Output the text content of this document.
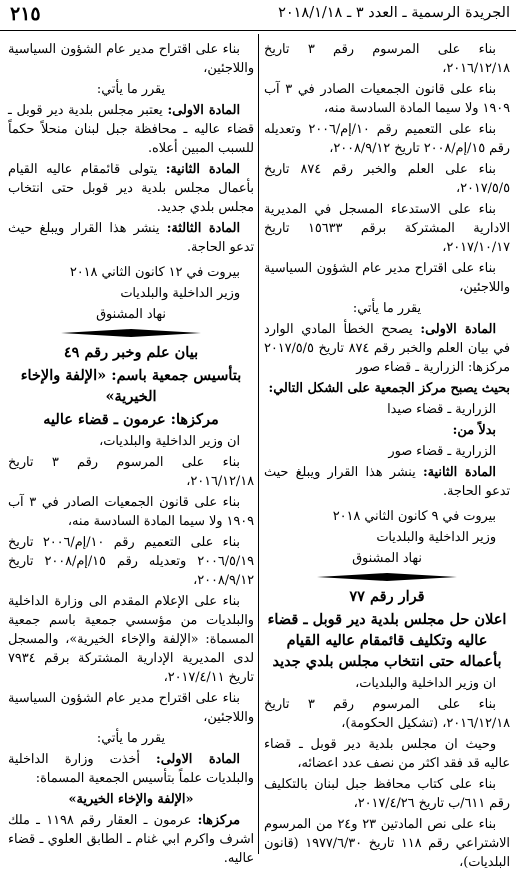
الجريدة الرسمية ـ العدد ٣ ـ ٢٠١٨/١/١٨
٢١٥

بناء على المرسوم رقم ٣ تاريخ ٢٠١٦/١٢/١٨،

بناء على قانون الجمعيات الصادر في ٣ آب ١٩٠٩ ولا سيما المادة السادسة منه،

بناء على التعميم رقم ١٠/إم/٢٠٠٦ وتعديله رقم ١٥/إم/٢٠٠٨ تاريخ ٢٠٠٨/٩/١٢،

بناء على العلم والخبر رقم ٨٧٤ تاريخ ٢٠١٧/٥/٥،

بناء على الاستدعاء المسجل في المديرية الادارية المشتركة برقم ١٥٦٣٣ تاريخ ٢٠١٧/١٠/١٧،

بناء على اقتراح مدير عام الشؤون السياسية واللاجئين،

يقرر ما يأتي:

المادة الاولى: يصحح الخطأ المادي الوارد في بيان العلم والخبر رقم ٨٧٤ تاريخ ٢٠١٧/٥/٥ مركزها: الزرارية ـ قضاء صور

بحيث يصبح مركز الجمعية على الشكل التالي:

الزرارية ـ قضاء صيدا

بدلاً من:

الزرارية ـ قضاء صور

المادة الثانية: ينشر هذا القرار ويبلغ حيث تدعو الحاجة.

بيروت في ٩ كانون الثاني ٢٠١٨

وزير الداخلية والبلديات

نهاد المشنوق

قرار رقم ٧٧
اعلان حل مجلس بلدية دير قوبل ـ قضاء عاليه وتكليف قائمقام عاليه القيام بأعماله حتى انتخاب مجلس بلدي جديد

ان وزير الداخلية والبلديات،

بناء على المرسوم رقم ٣ تاريخ ٢٠١٦/١٢/١٨، (تشكيل الحكومة)،

وحيث ان مجلس بلدية دير قوبل ـ قضاء عاليه قد فقد اكثر من نصف عدد اعضائه،

بناء على كتاب محافظ جبل لبنان بالتكليف رقم ٦١١/ب تاريخ ٢٠١٧/٤/٢٦،

بناء على نص المادتين ٢٣ و٢٤ من المرسوم الاشتراعي رقم ١١٨ تاريخ ١٩٧٧/٦/٣٠ (قانون البلديات)،

بناء على اقتراح مدير عام الشؤون السياسية واللاجئين،

يقرر ما يأتي:

المادة الاولى: يعتبر مجلس بلدية دير قوبل ـ قضاء عاليه ـ محافظة جبل لبنان منحلاً حكماً للسبب المبين أعلاه.

المادة الثانية: يتولى قائمقام عاليه القيام بأعمال مجلس بلدية دير قوبل حتى انتخاب مجلس بلدي جديد.

المادة الثالثة: ينشر هذا القرار ويبلغ حيث تدعو الحاجة.

بيروت في ١٢ كانون الثاني ٢٠١٨

وزير الداخلية والبلديات

نهاد المشنوق

بيان علم وخبر رقم ٤٩
بتأسيس جمعية باسم: «الإلفة والإخاء الخيرية»
مركزها: عرمون ـ قضاء عاليه

ان وزير الداخلية والبلديات،

بناء على المرسوم رقم ٣ تاريخ ٢٠١٦/١٢/١٨،

بناء على قانون الجمعيات الصادر في ٣ آب ١٩٠٩ ولا سيما المادة السادسة منه،

بناء على التعميم رقم ١٠/إم/٢٠٠٦ تاريخ ٢٠٠٦/٥/١٩ وتعديله رقم ١٥/إم/٢٠٠٨ تاريخ ٢٠٠٨/٩/١٢،

بناء على الإعلام المقدم الى وزارة الداخلية والبلديات من مؤسسي جمعية باسم جمعية المسماة: «الإلفة والإخاء الخيرية»، والمسجل لدى المديرية الإدارية المشتركة برقم ٧٩٣٤ تاريخ ٢٠١٧/٤/١١،

بناء على اقتراح مدير عام الشؤون السياسية واللاجئين،

يقرر ما يأتي:

المادة الاولى: أخذت وزارة الداخلية والبلديات علماً بتأسيس الجمعية المسماة:

«الإلفة والإخاء الخيرية»

مركزها: عرمون ـ العقار رقم ١١٩٨ ـ ملك اشرف واكرم ابي غنام ـ الطابق العلوي ـ قضاء عاليه.
